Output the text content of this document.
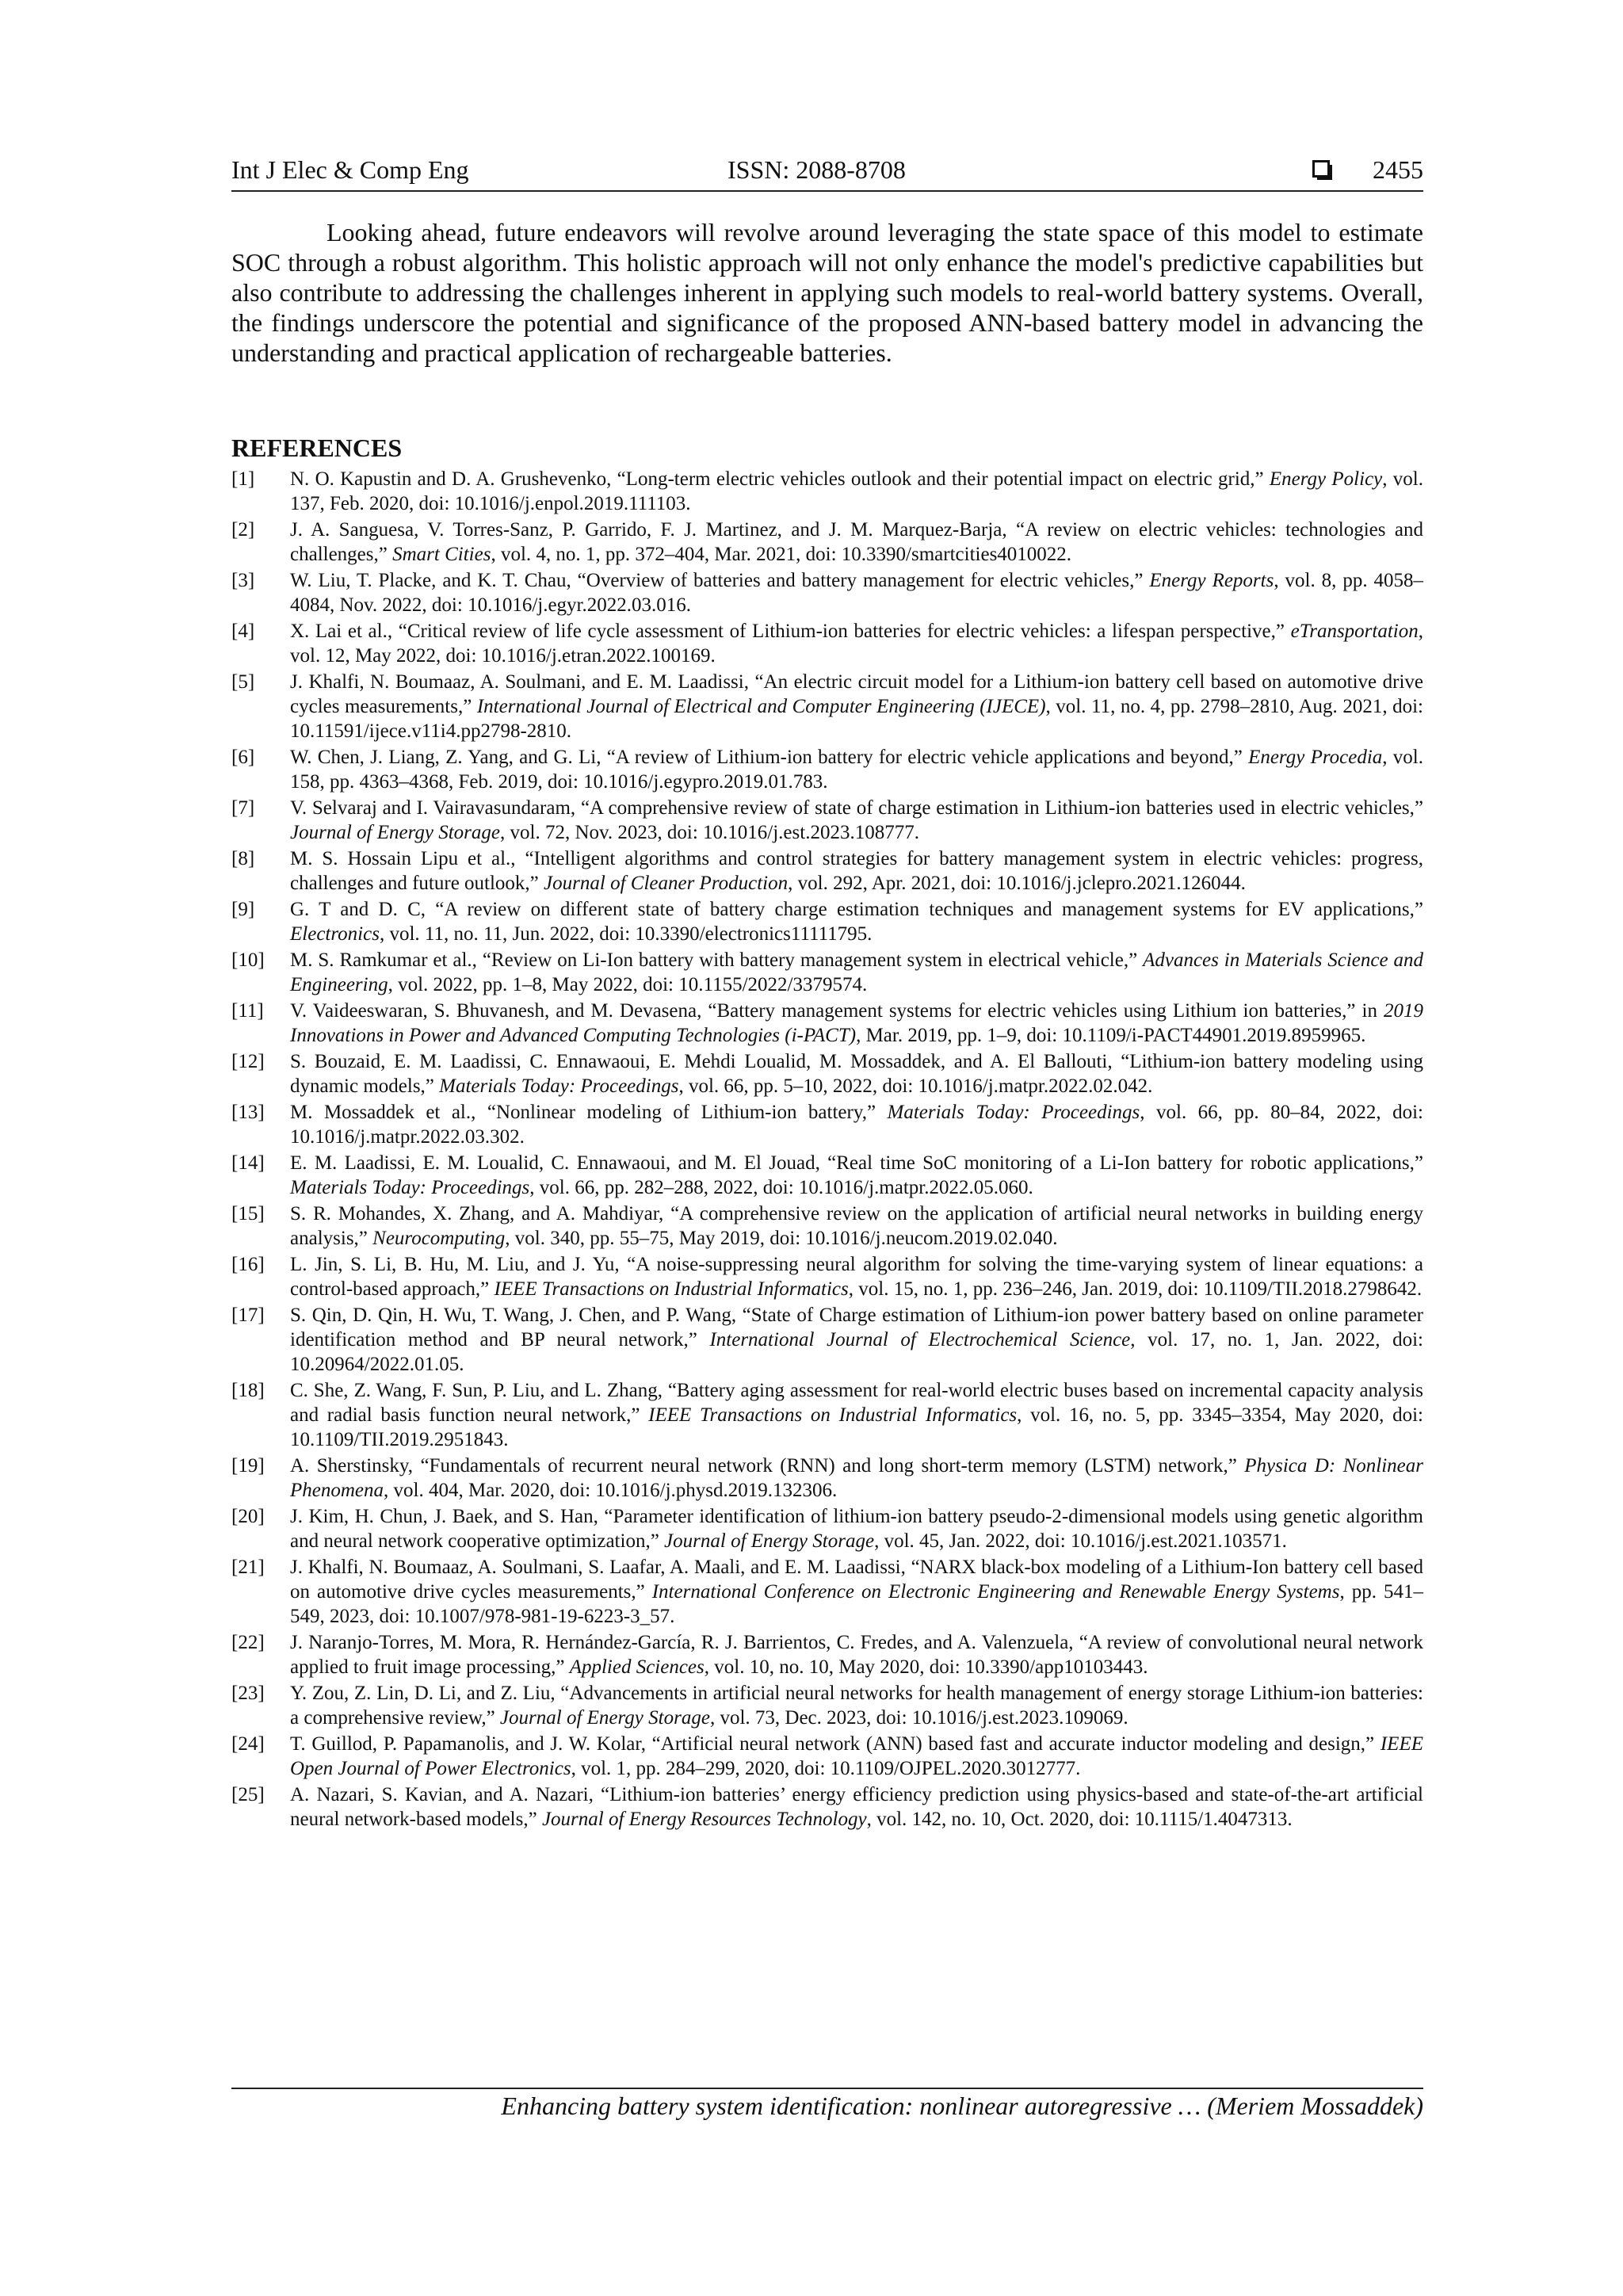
Int J Elec & Comp Eng	ISSN: 2088-8708	2455

Looking ahead, future endeavors will revolve around leveraging the state space of this model to estimate SOC through a robust algorithm. This holistic approach will not only enhance the model's predictive capabilities but also contribute to addressing the challenges inherent in applying such models to real-world battery systems. Overall, the findings underscore the potential and significance of the proposed ANN-based battery model in advancing the understanding and practical application of rechargeable batteries.

REFERENCES
[1] N. O. Kapustin and D. A. Grushevenko, “Long-term electric vehicles outlook and their potential impact on electric grid,” Energy Policy, vol. 137, Feb. 2020, doi: 10.1016/j.enpol.2019.111103.
[2] J. A. Sanguesa, V. Torres-Sanz, P. Garrido, F. J. Martinez, and J. M. Marquez-Barja, “A review on electric vehicles: technologies and challenges,” Smart Cities, vol. 4, no. 1, pp. 372–404, Mar. 2021, doi: 10.3390/smartcities4010022.
[3] W. Liu, T. Placke, and K. T. Chau, “Overview of batteries and battery management for electric vehicles,” Energy Reports, vol. 8, pp. 4058–4084, Nov. 2022, doi: 10.1016/j.egyr.2022.03.016.
[4] X. Lai et al., “Critical review of life cycle assessment of Lithium-ion batteries for electric vehicles: a lifespan perspective,” eTransportation, vol. 12, May 2022, doi: 10.1016/j.etran.2022.100169.
[5] J. Khalfi, N. Boumaaz, A. Soulmani, and E. M. Laadissi, “An electric circuit model for a Lithium-ion battery cell based on automotive drive cycles measurements,” International Journal of Electrical and Computer Engineering (IJECE), vol. 11, no. 4, pp. 2798–2810, Aug. 2021, doi: 10.11591/ijece.v11i4.pp2798-2810.
[6] W. Chen, J. Liang, Z. Yang, and G. Li, “A review of Lithium-ion battery for electric vehicle applications and beyond,” Energy Procedia, vol. 158, pp. 4363–4368, Feb. 2019, doi: 10.1016/j.egypro.2019.01.783.
[7] V. Selvaraj and I. Vairavasundaram, “A comprehensive review of state of charge estimation in Lithium-ion batteries used in electric vehicles,” Journal of Energy Storage, vol. 72, Nov. 2023, doi: 10.1016/j.est.2023.108777.
[8] M. S. Hossain Lipu et al., “Intelligent algorithms and control strategies for battery management system in electric vehicles: progress, challenges and future outlook,” Journal of Cleaner Production, vol. 292, Apr. 2021, doi: 10.1016/j.jclepro.2021.126044.
[9] G. T and D. C, “A review on different state of battery charge estimation techniques and management systems for EV applications,” Electronics, vol. 11, no. 11, Jun. 2022, doi: 10.3390/electronics11111795.
[10] M. S. Ramkumar et al., “Review on Li-Ion battery with battery management system in electrical vehicle,” Advances in Materials Science and Engineering, vol. 2022, pp. 1–8, May 2022, doi: 10.1155/2022/3379574.
[11] V. Vaideeswaran, S. Bhuvanesh, and M. Devasena, “Battery management systems for electric vehicles using Lithium ion batteries,” in 2019 Innovations in Power and Advanced Computing Technologies (i-PACT), Mar. 2019, pp. 1–9, doi: 10.1109/i-PACT44901.2019.8959965.
[12] S. Bouzaid, E. M. Laadissi, C. Ennawaoui, E. Mehdi Loualid, M. Mossaddek, and A. El Ballouti, “Lithium-ion battery modeling using dynamic models,” Materials Today: Proceedings, vol. 66, pp. 5–10, 2022, doi: 10.1016/j.matpr.2022.02.042.
[13] M. Mossaddek et al., “Nonlinear modeling of Lithium-ion battery,” Materials Today: Proceedings, vol. 66, pp. 80–84, 2022, doi: 10.1016/j.matpr.2022.03.302.
[14] E. M. Laadissi, E. M. Loualid, C. Ennawaoui, and M. El Jouad, “Real time SoC monitoring of a Li-Ion battery for robotic applications,” Materials Today: Proceedings, vol. 66, pp. 282–288, 2022, doi: 10.1016/j.matpr.2022.05.060.
[15] S. R. Mohandes, X. Zhang, and A. Mahdiyar, “A comprehensive review on the application of artificial neural networks in building energy analysis,” Neurocomputing, vol. 340, pp. 55–75, May 2019, doi: 10.1016/j.neucom.2019.02.040.
[16] L. Jin, S. Li, B. Hu, M. Liu, and J. Yu, “A noise-suppressing neural algorithm for solving the time-varying system of linear equations: a control-based approach,” IEEE Transactions on Industrial Informatics, vol. 15, no. 1, pp. 236–246, Jan. 2019, doi: 10.1109/TII.2018.2798642.
[17] S. Qin, D. Qin, H. Wu, T. Wang, J. Chen, and P. Wang, “State of Charge estimation of Lithium-ion power battery based on online parameter identification method and BP neural network,” International Journal of Electrochemical Science, vol. 17, no. 1, Jan. 2022, doi: 10.20964/2022.01.05.
[18] C. She, Z. Wang, F. Sun, P. Liu, and L. Zhang, “Battery aging assessment for real-world electric buses based on incremental capacity analysis and radial basis function neural network,” IEEE Transactions on Industrial Informatics, vol. 16, no. 5, pp. 3345–3354, May 2020, doi: 10.1109/TII.2019.2951843.
[19] A. Sherstinsky, “Fundamentals of recurrent neural network (RNN) and long short-term memory (LSTM) network,” Physica D: Nonlinear Phenomena, vol. 404, Mar. 2020, doi: 10.1016/j.physd.2019.132306.
[20] J. Kim, H. Chun, J. Baek, and S. Han, “Parameter identification of lithium-ion battery pseudo-2-dimensional models using genetic algorithm and neural network cooperative optimization,” Journal of Energy Storage, vol. 45, Jan. 2022, doi: 10.1016/j.est.2021.103571.
[21] J. Khalfi, N. Boumaaz, A. Soulmani, S. Laafar, A. Maali, and E. M. Laadissi, “NARX black-box modeling of a Lithium-Ion battery cell based on automotive drive cycles measurements,” International Conference on Electronic Engineering and Renewable Energy Systems, pp. 541–549, 2023, doi: 10.1007/978-981-19-6223-3_57.
[22] J. Naranjo-Torres, M. Mora, R. Hernández-García, R. J. Barrientos, C. Fredes, and A. Valenzuela, “A review of convolutional neural network applied to fruit image processing,” Applied Sciences, vol. 10, no. 10, May 2020, doi: 10.3390/app10103443.
[23] Y. Zou, Z. Lin, D. Li, and Z. Liu, “Advancements in artificial neural networks for health management of energy storage Lithium-ion batteries: a comprehensive review,” Journal of Energy Storage, vol. 73, Dec. 2023, doi: 10.1016/j.est.2023.109069.
[24] T. Guillod, P. Papamanolis, and J. W. Kolar, “Artificial neural network (ANN) based fast and accurate inductor modeling and design,” IEEE Open Journal of Power Electronics, vol. 1, pp. 284–299, 2020, doi: 10.1109/OJPEL.2020.3012777.
[25] A. Nazari, S. Kavian, and A. Nazari, “Lithium-ion batteries’ energy efficiency prediction using physics-based and state-of-the-art artificial neural network-based models,” Journal of Energy Resources Technology, vol. 142, no. 10, Oct. 2020, doi: 10.1115/1.4047313.
Enhancing battery system identification: nonlinear autoregressive … (Meriem Mossaddek)
